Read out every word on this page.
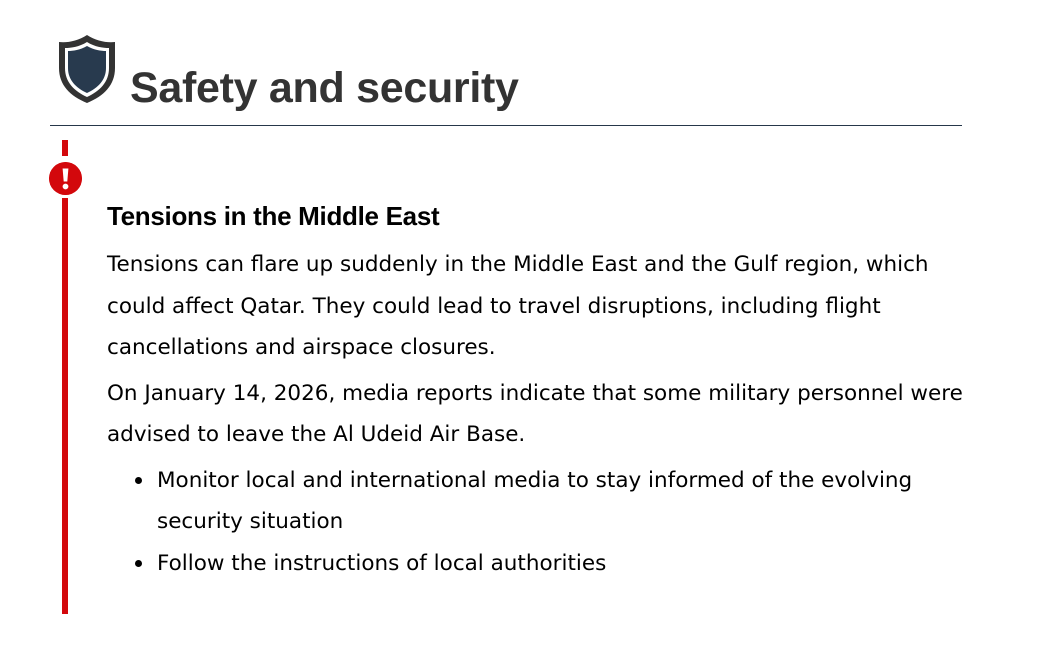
Safety and security
Tensions in the Middle East

Tensions can flare up suddenly in the Middle East and the Gulf region, which could affect Qatar. They could lead to travel disruptions, including flight cancellations and airspace closures.

On January 14, 2026, media reports indicate that some military personnel were advised to leave the Al Udeid Air Base.

Monitor local and international media to stay informed of the evolving security situation
Follow the instructions of local authorities
